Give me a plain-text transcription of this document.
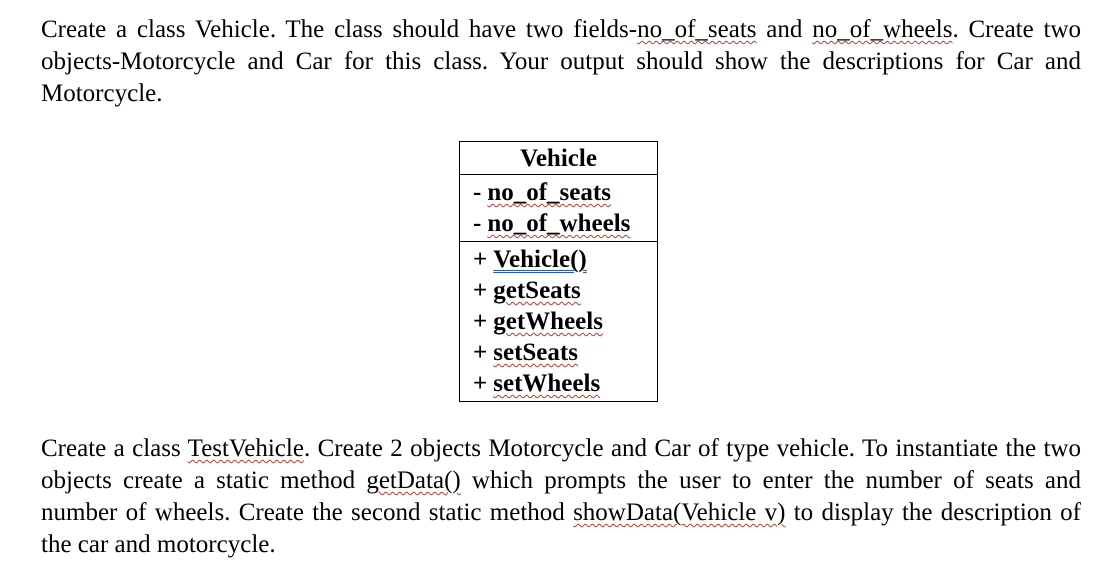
Create a class Vehicle. The class should have two fields-no_of_seats and no_of_wheels. Create two objects-Motorcycle and Car for this class. Your output should show the descriptions for Car and Motorcycle.

Vehicle
- no_of_seats
- no_of_wheels
+ Vehicle()
+ getSeats
+ getWheels
+ setSeats
+ setWheels

Create a class TestVehicle. Create 2 objects Motorcycle and Car of type vehicle. To instantiate the two objects create a static method getData() which prompts the user to enter the number of seats and number of wheels. Create the second static method showData(Vehicle v) to display the description of the car and motorcycle.
